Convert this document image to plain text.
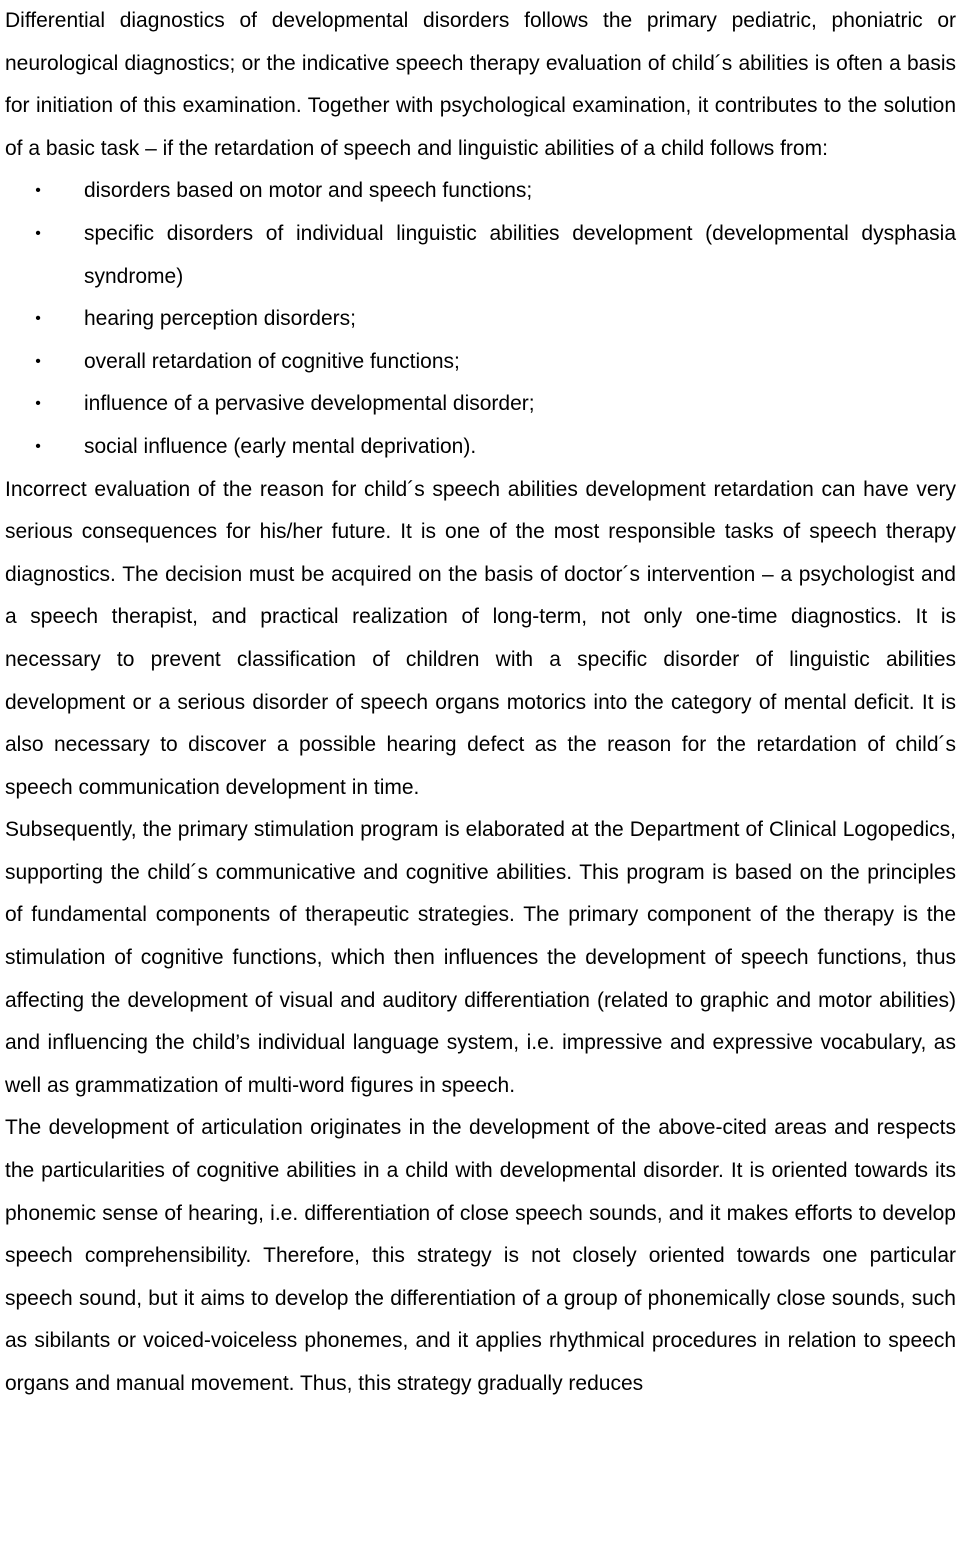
Differential diagnostics of developmental disorders follows the primary pediatric, phoniatric or neurological diagnostics; or the indicative speech therapy evaluation of child´s abilities is often a basis for initiation of this examination. Together with psychological examination, it contributes to the solution of a basic task – if the retardation of speech and linguistic abilities of a child follows from:

•
disorders based on motor and speech functions;
•
specific disorders of individual linguistic abilities development (developmental dysphasia syndrome)
•
hearing perception disorders;
•
overall retardation of cognitive functions;
•
influence of a pervasive developmental disorder;
•
social influence (early mental deprivation).

Incorrect evaluation of the reason for child´s speech abilities development retardation can have very serious consequences for his/her future. It is one of the most responsible tasks of speech therapy diagnostics. The decision must be acquired on the basis of doctor´s intervention – a psychologist and a speech therapist, and practical realization of long-term, not only one-time diagnostics. It is necessary to prevent classification of children with a specific disorder of linguistic abilities development or a serious disorder of speech organs motorics into the category of mental deficit. It is also necessary to discover a possible hearing defect as the reason for the retardation of child´s speech communication development in time.

Subsequently, the primary stimulation program is elaborated at the Department of Clinical Logopedics, supporting the child´s communicative and cognitive abilities. This program is based on the principles of fundamental components of therapeutic strategies. The primary component of the therapy is the stimulation of cognitive functions, which then influences the development of speech functions, thus affecting the development of visual and auditory differentiation (related to graphic and motor abilities) and influencing the child’s individual language system, i.e. impressive and expressive vocabulary, as well as grammatization of multi-word figures in speech.

The development of articulation originates in the development of the above-cited areas and respects the particularities of cognitive abilities in a child with developmental disorder. It is oriented towards its phonemic sense of hearing, i.e. differentiation of close speech sounds, and it makes efforts to develop speech comprehensibility. Therefore, this strategy is not closely oriented towards one particular speech sound, but it aims to develop the differentiation of a group of phonemically close sounds, such as sibilants or voiced-voiceless phonemes, and it applies rhythmical procedures in relation to speech organs and manual movement. Thus, this strategy gradually reduces
